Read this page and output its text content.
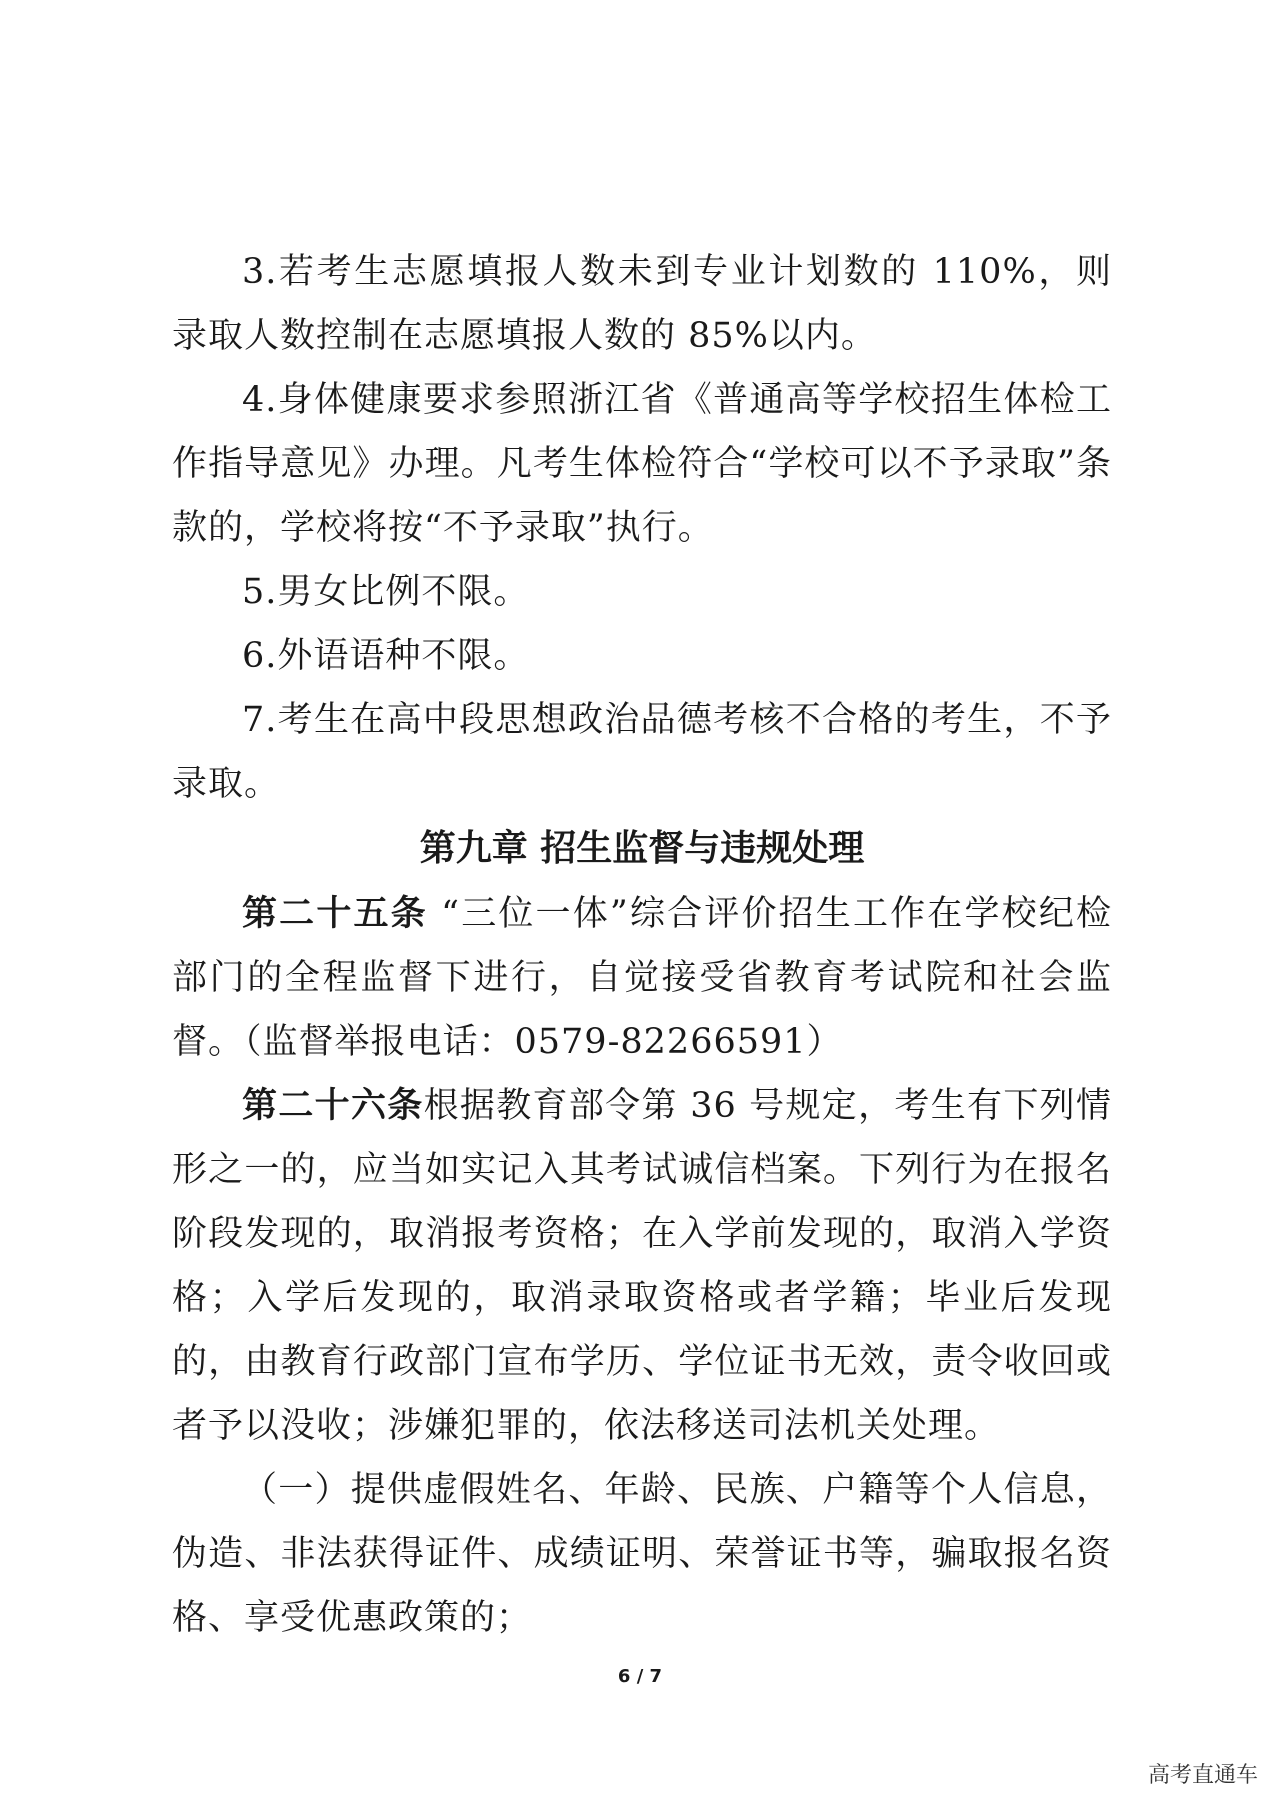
3.若考生志愿填报人数未到专业计划数的 110%，则录取人数控制在志愿填报人数的 85%以内。

4.身体健康要求参照浙江省《普通高等学校招生体检工作指导意见》办理。凡考生体检符合“学校可以不予录取”条款的，学校将按“不予录取”执行。

5.男女比例不限。

6.外语语种不限。

7.考生在高中段思想政治品德考核不合格的考生，不予录取。

第九章 招生监督与违规处理

第二十五条 “三位一体”综合评价招生工作在学校纪检部门的全程监督下进行，自觉接受省教育考试院和社会监督。（监督举报电话：0579-82266591）

第二十六条根据教育部令第 36 号规定，考生有下列情形之一的，应当如实记入其考试诚信档案。下列行为在报名阶段发现的，取消报考资格；在入学前发现的，取消入学资格；入学后发现的，取消录取资格或者学籍；毕业后发现的，由教育行政部门宣布学历、学位证书无效，责令收回或者予以没收；涉嫌犯罪的，依法移送司法机关处理。

（一）提供虚假姓名、年龄、民族、户籍等个人信息，伪造、非法获得证件、成绩证明、荣誉证书等，骗取报名资格、享受优惠政策的；

6 / 7
高考直通车
